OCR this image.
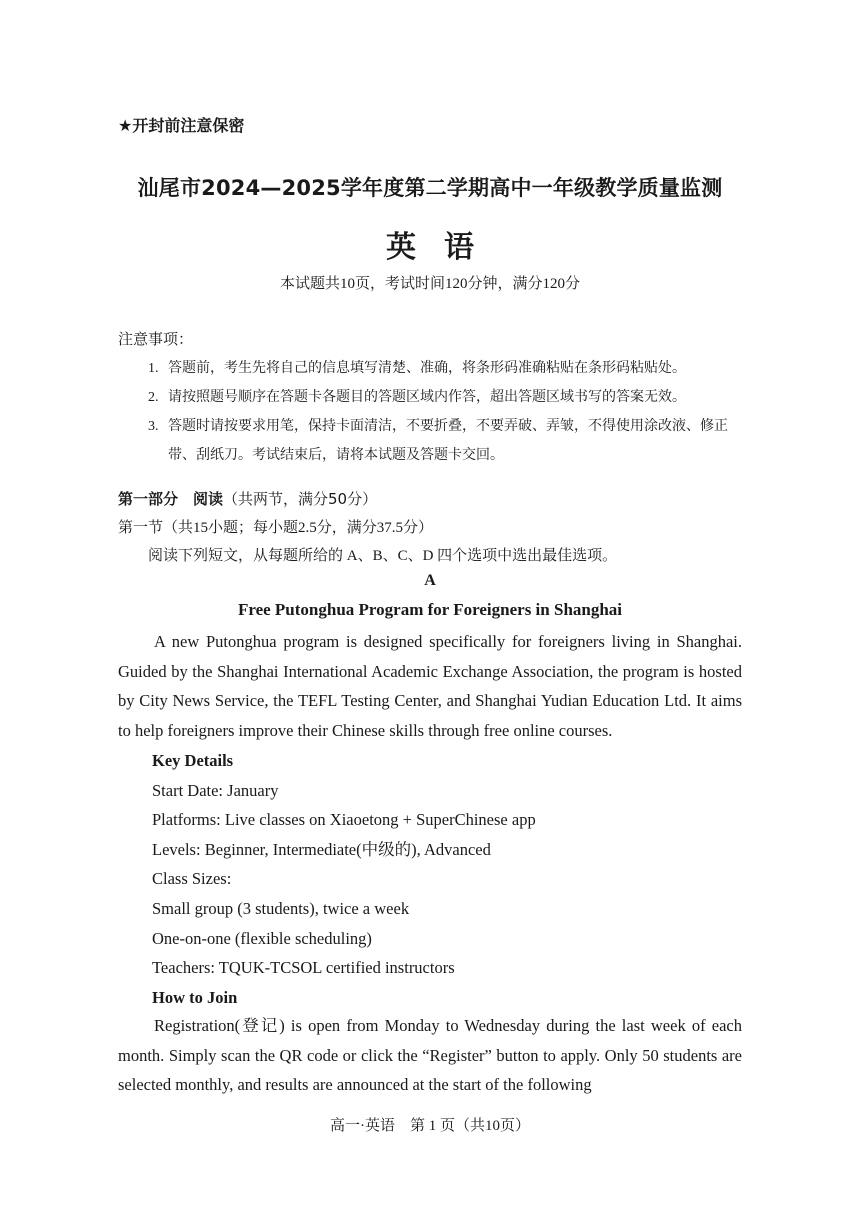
★开封前注意保密
汕尾市2024—2025学年度第二学期高中一年级教学质量监测
英语
本试题共10页，考试时间120分钟，满分120分
注意事项：
1. 答题前，考生先将自己的信息填写清楚、准确，将条形码准确粘贴在条形码粘贴处。
2. 请按照题号顺序在答题卡各题目的答题区域内作答，超出答题区域书写的答案无效。
3. 答题时请按要求用笔，保持卡面清洁，不要折叠，不要弄破、弄皱，不得使用涂改液、修正带、刮纸刀。考试结束后，请将本试题及答题卡交回。
第一部分　阅读（共两节，满分50分）
第一节（共15小题；每小题2.5分，满分37.5分）
阅读下列短文，从每题所给的 A、B、C、D 四个选项中选出最佳选项。
A
Free Putonghua Program for Foreigners in Shanghai

A new Putonghua program is designed specifically for foreigners living in Shanghai. Guided by the Shanghai International Academic Exchange Association, the program is hosted by City News Service, the TEFL Testing Center, and Shanghai Yudian Education Ltd. It aims to help foreigners improve their Chinese skills through free online courses.

Key Details
Start Date: January
Platforms: Live classes on Xiaoetong + SuperChinese app
Levels: Beginner, Intermediate(中级的), Advanced
Class Sizes:
Small group (3 students), twice a week
One-on-one (flexible scheduling)
Teachers: TQUK-TCSOL certified instructors
How to Join

Registration(登记) is open from Monday to Wednesday during the last week of each month. Simply scan the QR code or click the “Register” button to apply. Only 50 students are selected monthly, and results are announced at the start of the following

高一·英语　第 1 页（共10页）
